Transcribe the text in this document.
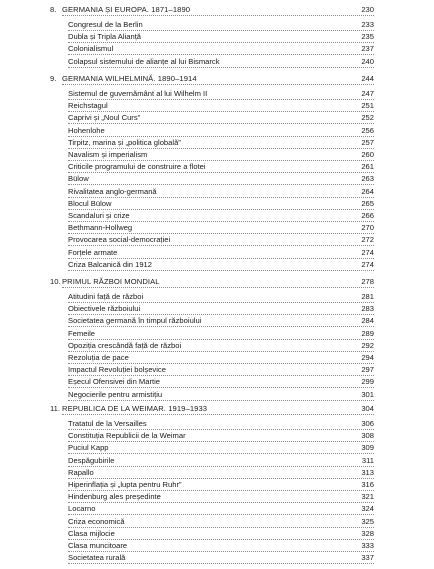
8. GERMANIA ȘI EUROPA. 1871–1890	230
Congresul de la Berlin	233
Dubla și Tripla Alianță	235
Colonialismul	237
Colapsul sistemului de alianțe al lui Bismarck	240
9. GERMANIA WILHELMINĂ. 1890–1914	244
Sistemul de guvernământ al lui Wilhelm II	247
Reichstagul	251
Caprivi și „Noul Curs”	252
Hohenlohe	256
Tirpitz, marina și „politica globală”	257
Navalism și imperialism	260
Criticile programului de construire a flotei	261
Bülow	263
Rivalitatea anglo-germană	264
Blocul Bülow	265
Scandaluri și crize	266
Bethmann-Hollweg	270
Provocarea social-democrației	272
Forțele armate	274
Criza Balcanică din 1912	274
10. PRIMUL RĂZBOI MONDIAL	278
Atitudini față de război	281
Obiectivele războiului	283
Societatea germană în timpul războiului	284
Femeile	289
Opoziția crescândă față de război	292
Rezoluția de pace	294
Impactul Revoluției bolșevice	297
Eșecul Ofensivei din Martie	299
Negocierile pentru armistițiu	301
11. REPUBLICA DE LA WEIMAR. 1919–1933	304
Tratatul de la Versailles	306
Constituția Republicii de la Weimar	308
Puciul Kapp	309
Despăgubirile	311
Rapallo	313
Hiperinflația și „lupta pentru Ruhr”	316
Hindenburg ales președinte	321
Locarno	324
Criza economică	325
Clasa mijlocie	328
Clasa muncitoare	333
Societatea rurală	337
